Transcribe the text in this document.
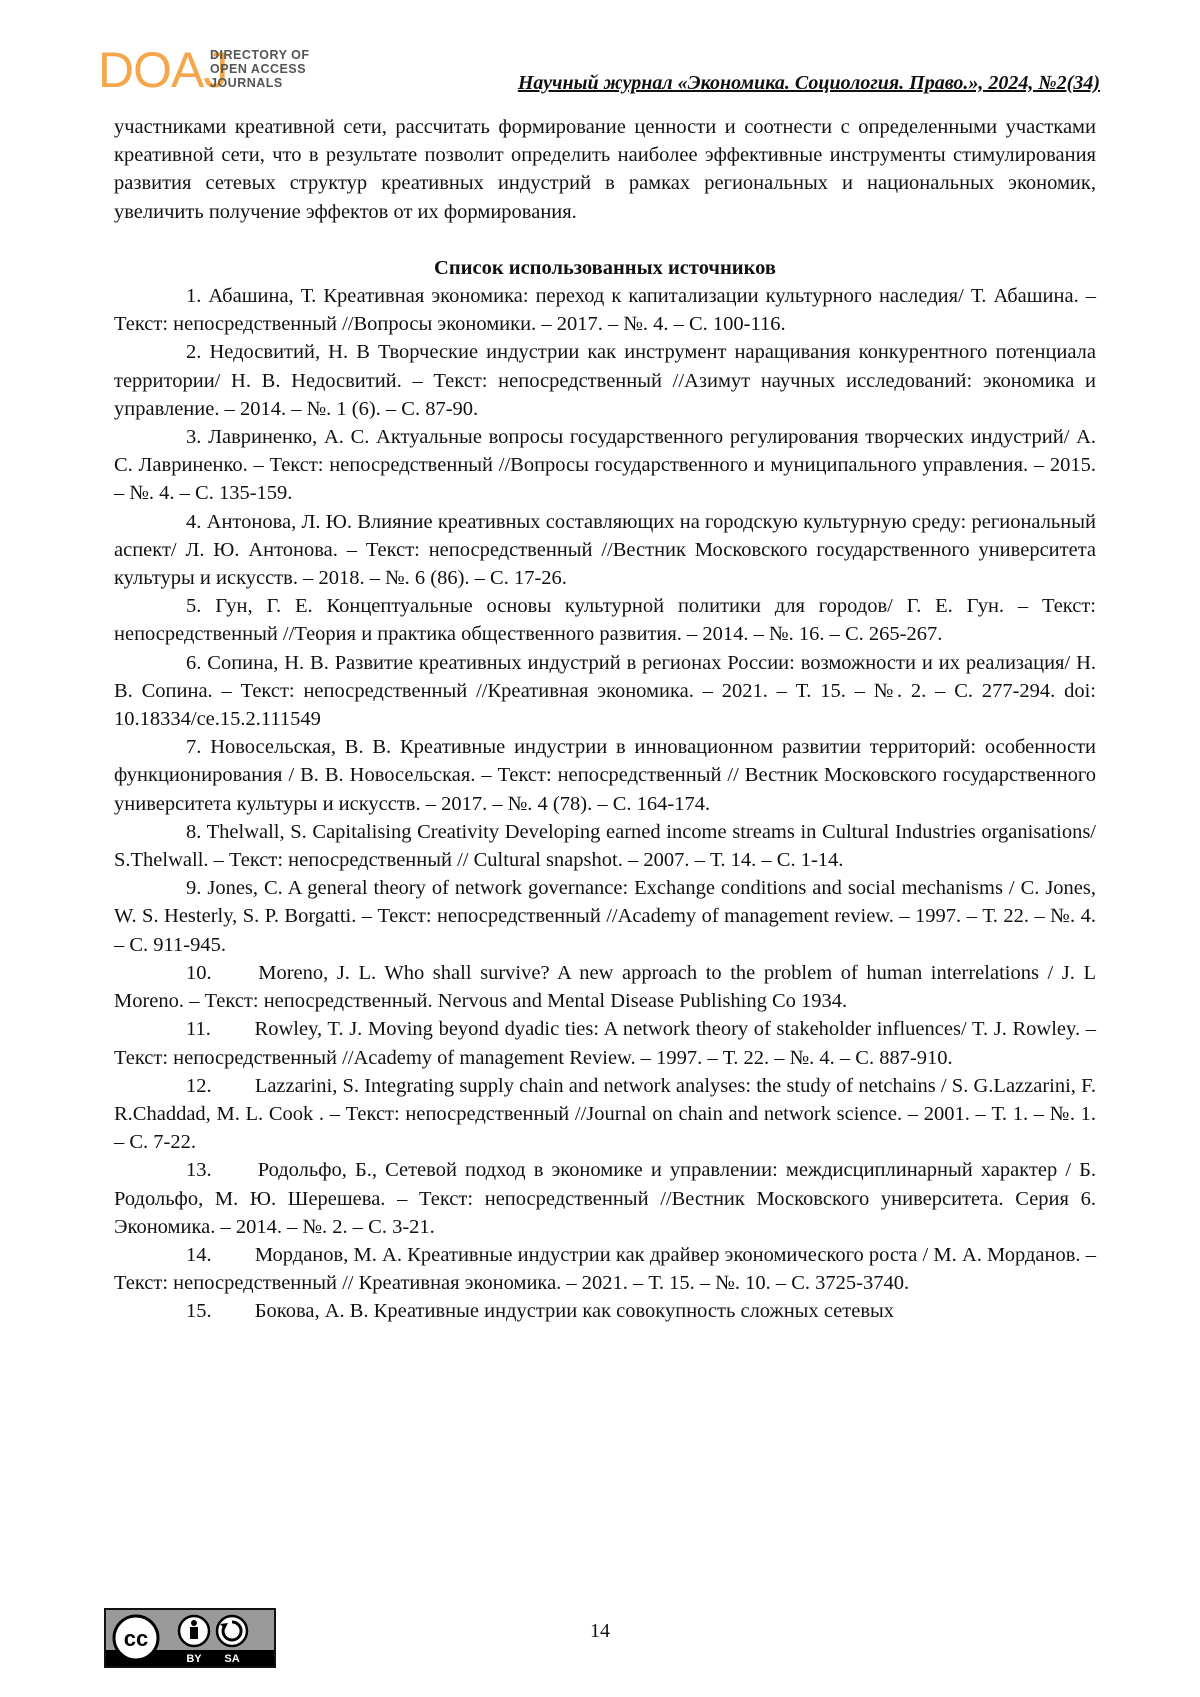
DOAJ
DIRECTORY OF
OPEN ACCESS
JOURNALS	Научный журнал «Экономика. Социология. Право.», 2024, №2(34)

участниками креативной сети, рассчитать формирование ценности и соотнести с определенными участками креативной сети, что в результате позволит определить наиболее эффективные инструменты стимулирования развития сетевых структур креативных индустрий в рамках региональных и национальных экономик, увеличить получение эффектов от их формирования.

Список использованных источников

1. Абашина, Т. Креативная экономика: переход к капитализации культурного наследия/ Т. Абашина. – Текст: непосредственный //Вопросы экономики. – 2017. – №. 4. – С. 100-116.

2. Недосвитий, Н. В Творческие индустрии как инструмент наращивания конкурентного потенциала территории/ Н. В. Недосвитий. – Текст: непосредственный //Азимут научных исследований: экономика и управление. – 2014. – №. 1 (6). – С. 87-90.

3. Лавриненко, А. С. Актуальные вопросы государственного регулирования творческих индустрий/ А. С. Лавриненко. – Текст: непосредственный //Вопросы государственного и муниципального управления. – 2015. – №. 4. – С. 135-159.

4. Антонова, Л. Ю. Влияние креативных составляющих на городскую культурную среду: региональный аспект/ Л. Ю. Антонова. – Текст: непосредственный //Вестник Московского государственного университета культуры и искусств. – 2018. – №. 6 (86). – С. 17-26.

5. Гун, Г. Е. Концептуальные основы культурной политики для городов/ Г. Е. Гун. – Текст: непосредственный //Теория и практика общественного развития. – 2014. – №. 16. – С. 265-267.

6. Сопина, Н. В. Развитие креативных индустрий в регионах России: возможности и их реализация/ Н. В. Сопина. – Текст: непосредственный //Креативная экономика. – 2021. – Т. 15. – №. 2. – С. 277-294. doi: 10.18334/ce.15.2.111549

7. Новосельская, В. В. Креативные индустрии в инновационном развитии территорий: особенности функционирования / В. В. Новосельская. – Текст: непосредственный // Вестник Московского государственного университета культуры и искусств. – 2017. – №. 4 (78). – С. 164-174.

8. Thelwall, S. Capitalising Creativity Developing earned income streams in Cultural Industries organisations/ S.Thelwall. – Текст: непосредственный // Cultural snapshot. – 2007. – Т. 14. – С. 1-14.

9. Jones, C. A general theory of network governance: Exchange conditions and social mechanisms / C. Jones, W. S. Hesterly, S. P. Borgatti. – Текст: непосредственный //Academy of management review. – 1997. – Т. 22. – №. 4. – С. 911-945.

10. Moreno, J. L. Who shall survive? A new approach to the problem of human interrelations / J. L Moreno. – Текст: непосредственный. Nervous and Mental Disease Publishing Co 1934.

11. Rowley, T. J. Moving beyond dyadic ties: A network theory of stakeholder influences/ T. J. Rowley. – Текст: непосредственный //Academy of management Review. – 1997. – Т. 22. – №. 4. – С. 887-910.

12. Lazzarini, S. Integrating supply chain and network analyses: the study of netchains / S. G.Lazzarini, F. R.Chaddad, M. L. Cook . – Текст: непосредственный //Journal on chain and network science. – 2001. – Т. 1. – №. 1. – С. 7-22.

13. Родольфо, Б., Сетевой подход в экономике и управлении: междисциплинарный характер / Б. Родольфо, М. Ю. Шерешева. – Текст: непосредственный //Вестник Московского университета. Серия 6. Экономика. – 2014. – №. 2. – С. 3-21.

14. Морданов, М. А. Креативные индустрии как драйвер экономического роста / М. А. Морданов. – Текст: непосредственный // Креативная экономика. – 2021. – Т. 15. – №. 10. – С. 3725-3740.

15. Бокова, А. В. Креативные индустрии как совокупность сложных сетевых

cc
BY SA
14
